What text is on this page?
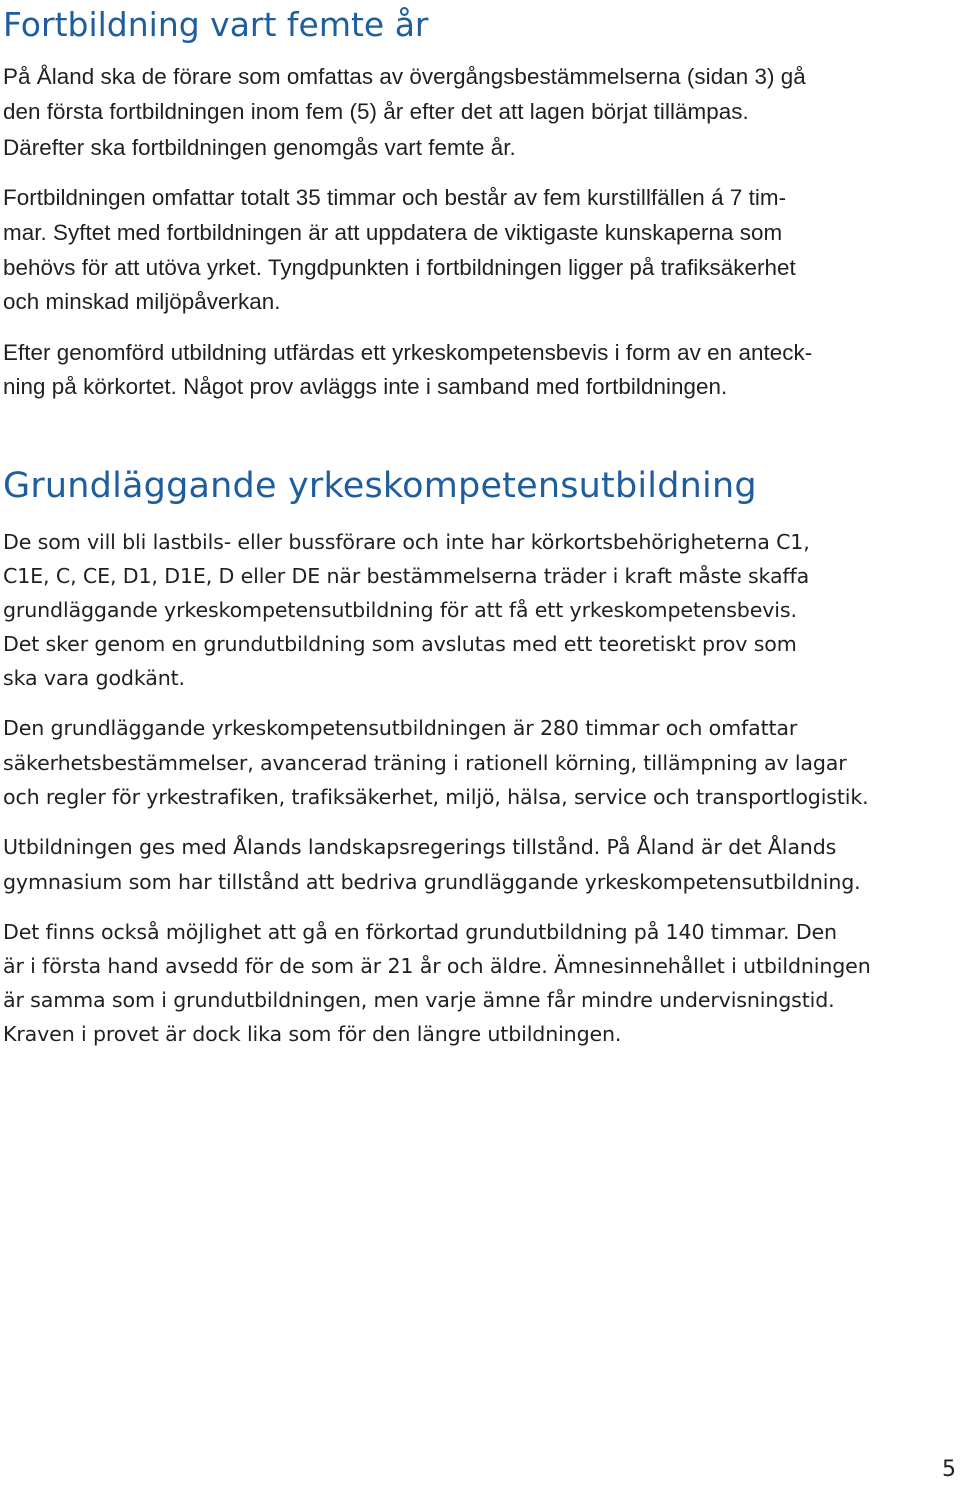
Fortbildning vart femte år
På Åland ska de förare som omfattas av övergångsbestämmelserna (sidan 3) gå
den första fortbildningen inom fem (5) år efter det att lagen börjat tillämpas.
Därefter ska fortbildningen genomgås vart femte år.
Fortbildningen omfattar totalt 35 timmar och består av fem kurstillfällen á 7 tim-
mar. Syftet med fortbildningen är att uppdatera de viktigaste kunskaperna som
behövs för att utöva yrket. Tyngdpunkten i fortbildningen ligger på trafiksäkerhet
och minskad miljöpåverkan.
Efter genomförd utbildning utfärdas ett yrkeskompetensbevis i form av en anteck-
ning på körkortet. Något prov avläggs inte i samband med fortbildningen.
Grundläggande yrkeskompetensutbildning
De som vill bli lastbils- eller bussförare och inte har körkortsbehörigheterna C1,
C1E, C, CE, D1, D1E, D eller DE när bestämmelserna träder i kraft måste skaffa
grundläggande yrkeskompetensutbildning för att få ett yrkeskompetensbevis.
Det sker genom en grundutbildning som avslutas med ett teoretiskt prov som
ska vara godkänt.
Den grundläggande yrkeskompetensutbildningen är 280 timmar och omfattar
säkerhetsbestämmelser, avancerad träning i rationell körning, tillämpning av lagar
och regler för yrkestrafiken, trafiksäkerhet, miljö, hälsa, service och transportlogistik.
Utbildningen ges med Ålands landskapsregerings tillstånd. På Åland är det Ålands
gymnasium som har tillstånd att bedriva grundläggande yrkeskompetensutbildning.
Det finns också möjlighet att gå en förkortad grundutbildning på 140 timmar. Den
är i första hand avsedd för de som är 21 år och äldre. Ämnesinnehållet i utbildningen
är samma som i grundutbildningen, men varje ämne får mindre undervisningstid.
Kraven i provet är dock lika som för den längre utbildningen.
5
